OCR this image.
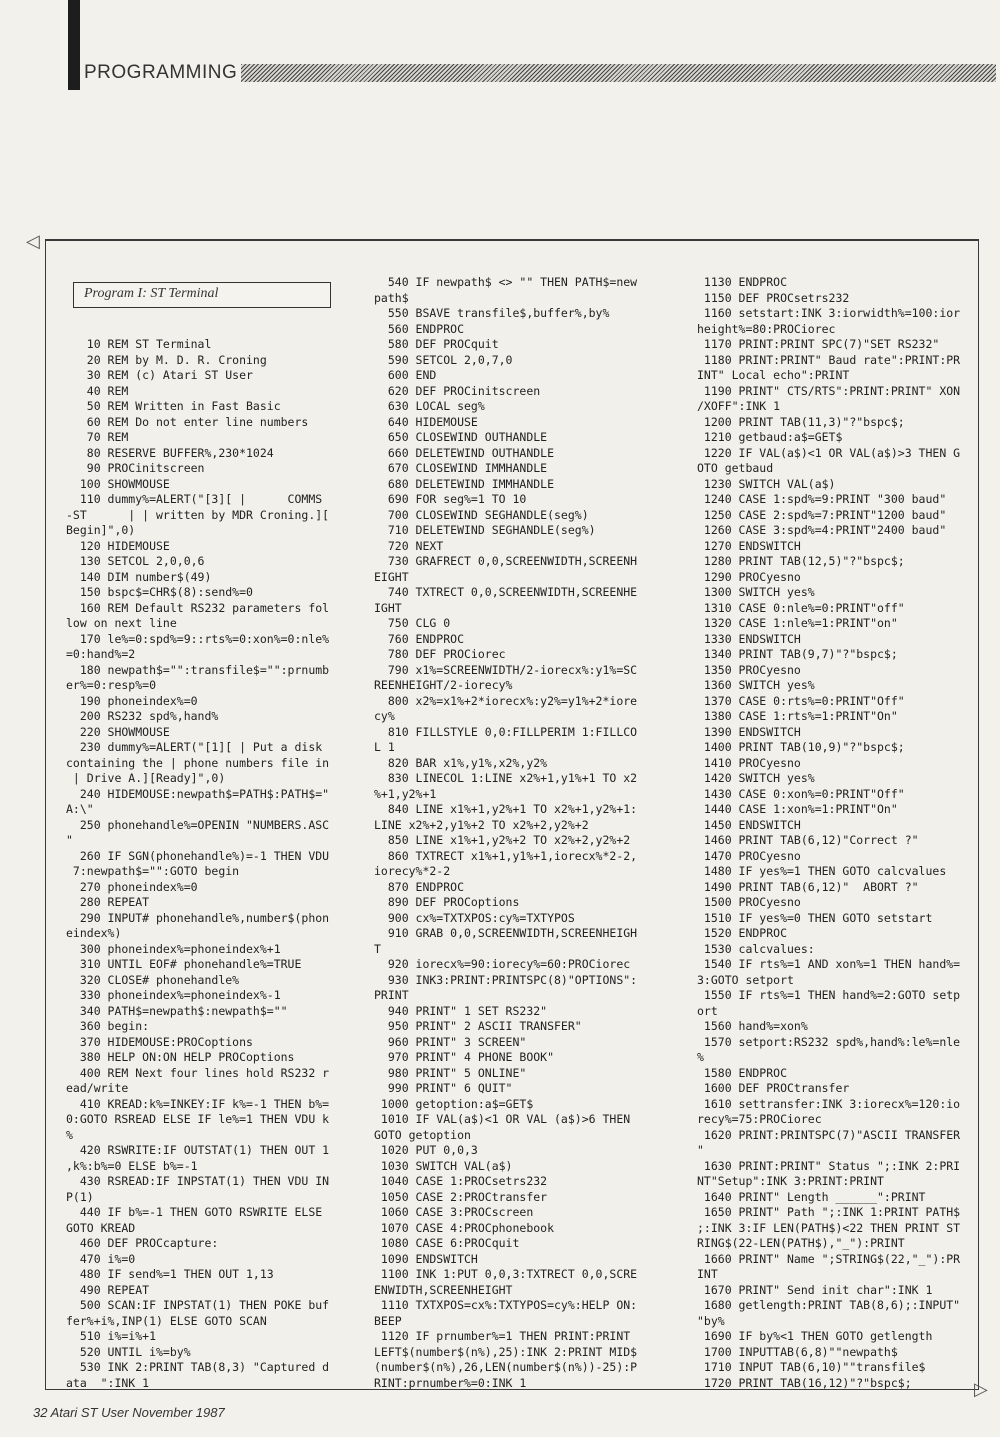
PROGRAMMING
◁
Program I: ST Terminal
10 REM ST Terminal
20 REM by M. D. R. Croning
30 REM (c) Atari ST User
40 REM
50 REM Written in Fast Basic
60 REM Do not enter line numbers
70 REM
80 RESERVE BUFFER%,230*1024
90 PROCinitscreen
100 SHOWMOUSE
110 dummy%=ALERT("[3][ |      COMMS
-ST      | | written by MDR Croning.][
Begin]",0)
120 HIDEMOUSE
130 SETCOL 2,0,0,6
140 DIM number$(49)
150 bspc$=CHR$(8):send%=0
160 REM Default RS232 parameters fol
low on next line
170 le%=0:spd%=9::rts%=0:xon%=0:nle%
=0:hand%=2
180 newpath$="":transfile$="":prnumb
er%=0:resp%=0
190 phoneindex%=0
200 RS232 spd%,hand%
220 SHOWMOUSE
230 dummy%=ALERT("[1][ | Put a disk
containing the | phone numbers file in
| Drive A.][Ready]",0)
240 HIDEMOUSE:newpath$=PATH$:PATH$="
A:\"
250 phonehandle%=OPENIN "NUMBERS.ASC
"
260 IF SGN(phonehandle%)=-1 THEN VDU
7:newpath$="":GOTO begin
270 phoneindex%=0
280 REPEAT
290 INPUT# phonehandle%,number$(phon
eindex%)
300 phoneindex%=phoneindex%+1
310 UNTIL EOF# phonehandle%=TRUE
320 CLOSE# phonehandle%
330 phoneindex%=phoneindex%-1
340 PATH$=newpath$:newpath$=""
360 begin:
370 HIDEMOUSE:PROCoptions
380 HELP ON:ON HELP PROCoptions
400 REM Next four lines hold RS232 r
ead/write
410 KREAD:k%=INKEY:IF k%=-1 THEN b%=
0:GOTO RSREAD ELSE IF le%=1 THEN VDU k
%
420 RSWRITE:IF OUTSTAT(1) THEN OUT 1
,k%:b%=0 ELSE b%=-1
430 RSREAD:IF INPSTAT(1) THEN VDU IN
P(1)
440 IF b%=-1 THEN GOTO RSWRITE ELSE
GOTO KREAD
460 DEF PROCcapture:
470 i%=0
480 IF send%=1 THEN OUT 1,13
490 REPEAT
500 SCAN:IF INPSTAT(1) THEN POKE buf
fer%+i%,INP(1) ELSE GOTO SCAN
510 i%=i%+1
520 UNTIL i%=by%
530 INK 2:PRINT TAB(8,3) "Captured d
ata  ":INK 1
540 IF newpath$ <> "" THEN PATH$=new
path$
550 BSAVE transfile$,buffer%,by%
560 ENDPROC
580 DEF PROCquit
590 SETCOL 2,0,7,0
600 END
620 DEF PROCinitscreen
630 LOCAL seg%
640 HIDEMOUSE
650 CLOSEWIND OUTHANDLE
660 DELETEWIND OUTHANDLE
670 CLOSEWIND IMMHANDLE
680 DELETEWIND IMMHANDLE
690 FOR seg%=1 TO 10
700 CLOSEWIND SEGHANDLE(seg%)
710 DELETEWIND SEGHANDLE(seg%)
720 NEXT
730 GRAFRECT 0,0,SCREENWIDTH,SCREENH
EIGHT
740 TXTRECT 0,0,SCREENWIDTH,SCREENHE
IGHT
750 CLG 0
760 ENDPROC
780 DEF PROCiorec
790 x1%=SCREENWIDTH/2-iorecx%:y1%=SC
REENHEIGHT/2-iorecy%
800 x2%=x1%+2*iorecx%:y2%=y1%+2*iore
cy%
810 FILLSTYLE 0,0:FILLPERIM 1:FILLCO
L 1
820 BAR x1%,y1%,x2%,y2%
830 LINECOL 1:LINE x2%+1,y1%+1 TO x2
%+1,y2%+1
840 LINE x1%+1,y2%+1 TO x2%+1,y2%+1:
LINE x2%+2,y1%+2 TO x2%+2,y2%+2
850 LINE x1%+1,y2%+2 TO x2%+2,y2%+2
860 TXTRECT x1%+1,y1%+1,iorecx%*2-2,
iorecy%*2-2
870 ENDPROC
890 DEF PROCoptions
900 cx%=TXTXPOS:cy%=TXTYPOS
910 GRAB 0,0,SCREENWIDTH,SCREENHEIGH
T
920 iorecx%=90:iorecy%=60:PROCiorec
930 INK3:PRINT:PRINTSPC(8)"OPTIONS":
PRINT
940 PRINT" 1 SET RS232"
950 PRINT" 2 ASCII TRANSFER"
960 PRINT" 3 SCREEN"
970 PRINT" 4 PHONE BOOK"
980 PRINT" 5 ONLINE"
990 PRINT" 6 QUIT"
1000 getoption:a$=GET$
1010 IF VAL(a$)<1 OR VAL (a$)>6 THEN
GOTO getoption
1020 PUT 0,0,3
1030 SWITCH VAL(a$)
1040 CASE 1:PROCsetrs232
1050 CASE 2:PROCtransfer
1060 CASE 3:PROCscreen
1070 CASE 4:PROCphonebook
1080 CASE 6:PROCquit
1090 ENDSWITCH
1100 INK 1:PUT 0,0,3:TXTRECT 0,0,SCRE
ENWIDTH,SCREENHEIGHT
1110 TXTXPOS=cx%:TXTYPOS=cy%:HELP ON:
BEEP
1120 IF prnumber%=1 THEN PRINT:PRINT
LEFT$(number$(n%),25):INK 2:PRINT MID$
(number$(n%),26,LEN(number$(n%))-25):P
RINT:prnumber%=0:INK 1
1130 ENDPROC
1150 DEF PROCsetrs232
1160 setstart:INK 3:iorwidth%=100:ior
height%=80:PROCiorec
1170 PRINT:PRINT SPC(7)"SET RS232"
1180 PRINT:PRINT" Baud rate":PRINT:PR
INT" Local echo":PRINT
1190 PRINT" CTS/RTS":PRINT:PRINT" XON
/XOFF":INK 1
1200 PRINT TAB(11,3)"?"bspc$;
1210 getbaud:a$=GET$
1220 IF VAL(a$)<1 OR VAL(a$)>3 THEN G
OTO getbaud
1230 SWITCH VAL(a$)
1240 CASE 1:spd%=9:PRINT "300 baud"
1250 CASE 2:spd%=7:PRINT"1200 baud"
1260 CASE 3:spd%=4:PRINT"2400 baud"
1270 ENDSWITCH
1280 PRINT TAB(12,5)"?"bspc$;
1290 PROCyesno
1300 SWITCH yes%
1310 CASE 0:nle%=0:PRINT"off"
1320 CASE 1:nle%=1:PRINT"on"
1330 ENDSWITCH
1340 PRINT TAB(9,7)"?"bspc$;
1350 PROCyesno
1360 SWITCH yes%
1370 CASE 0:rts%=0:PRINT"Off"
1380 CASE 1:rts%=1:PRINT"On"
1390 ENDSWITCH
1400 PRINT TAB(10,9)"?"bspc$;
1410 PROCyesno
1420 SWITCH yes%
1430 CASE 0:xon%=0:PRINT"Off"
1440 CASE 1:xon%=1:PRINT"On"
1450 ENDSWITCH
1460 PRINT TAB(6,12)"Correct ?"
1470 PROCyesno
1480 IF yes%=1 THEN GOTO calcvalues
1490 PRINT TAB(6,12)"  ABORT ?"
1500 PROCyesno
1510 IF yes%=0 THEN GOTO setstart
1520 ENDPROC
1530 calcvalues:
1540 IF rts%=1 AND xon%=1 THEN hand%=
3:GOTO setport
1550 IF rts%=1 THEN hand%=2:GOTO setp
ort
1560 hand%=xon%
1570 setport:RS232 spd%,hand%:le%=nle
%
1580 ENDPROC
1600 DEF PROCtransfer
1610 settransfer:INK 3:iorecx%=120:io
recy%=75:PROCiorec
1620 PRINT:PRINTSPC(7)"ASCII TRANSFER
"
1630 PRINT:PRINT" Status ";:INK 2:PRI
NT"Setup":INK 3:PRINT:PRINT
1640 PRINT" Length ______":PRINT
1650 PRINT" Path ";:INK 1:PRINT PATH$
;:INK 3:IF LEN(PATH$)<22 THEN PRINT ST
RING$(22-LEN(PATH$),"_"):PRINT
1660 PRINT" Name ";STRING$(22,"_"):PR
INT
1670 PRINT" Send init char":INK 1
1680 getlength:PRINT TAB(8,6);:INPUT"
"by%
1690 IF by%<1 THEN GOTO getlength
1700 INPUTTAB(6,8)""newpath$
1710 INPUT TAB(6,10)""transfile$
1720 PRINT TAB(16,12)"?"bspc$;	▷
32 Atari ST User November 1987
